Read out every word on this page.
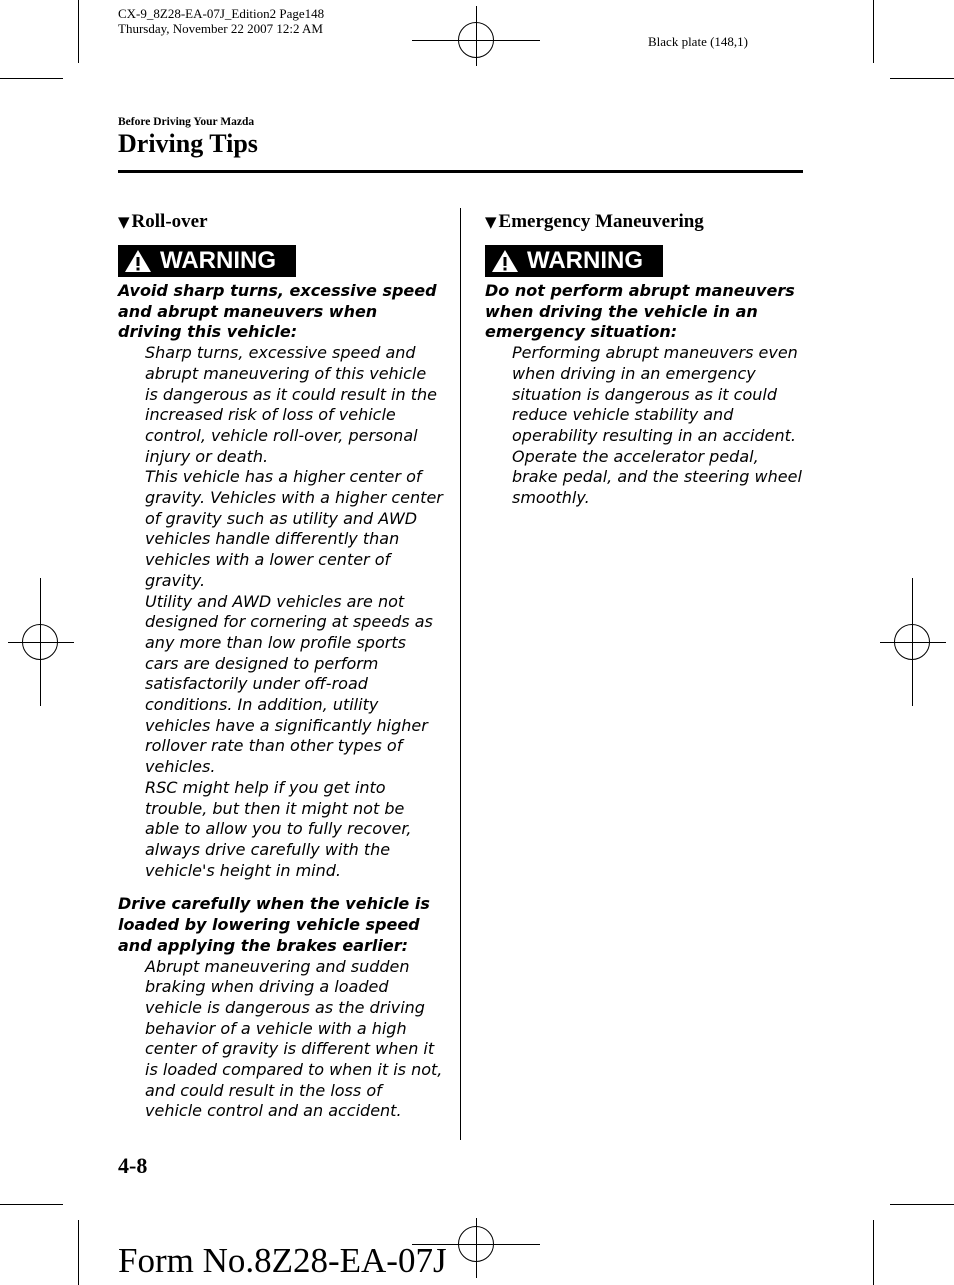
CX-9_8Z28-EA-07J_Edition2 Page148
Thursday, November 22 2007 12:2 AM
Black plate (148,1)
Before Driving Your Mazda
Driving Tips
▼ Roll-over
WARNING
Avoid sharp turns, excessive speed and abrupt maneuvers when driving this vehicle:

Sharp turns, excessive speed and abrupt maneuvering of this vehicle is dangerous as it could result in the increased risk of loss of vehicle control, vehicle roll-over, personal injury or death.

This vehicle has a higher center of gravity. Vehicles with a higher center of gravity such as utility and AWD vehicles handle differently than vehicles with a lower center of gravity.

Utility and AWD vehicles are not designed for cornering at speeds as any more than low profile sports cars are designed to perform satisfactorily under off-road conditions. In addition, utility vehicles have a significantly higher rollover rate than other types of vehicles.

RSC might help if you get into trouble, but then it might not be able to allow you to fully recover, always drive carefully with the vehicle's height in mind.

Drive carefully when the vehicle is loaded by lowering vehicle speed and applying the brakes earlier:

Abrupt maneuvering and sudden braking when driving a loaded vehicle is dangerous as the driving behavior of a vehicle with a high center of gravity is different when it is loaded compared to when it is not, and could result in the loss of vehicle control and an accident.

▼ Emergency Maneuvering
WARNING
Do not perform abrupt maneuvers when driving the vehicle in an emergency situation:

Performing abrupt maneuvers even when driving in an emergency situation is dangerous as it could reduce vehicle stability and operability resulting in an accident.

Operate the accelerator pedal, brake pedal, and the steering wheel smoothly.

4-8
Form No.8Z28-EA-07J
